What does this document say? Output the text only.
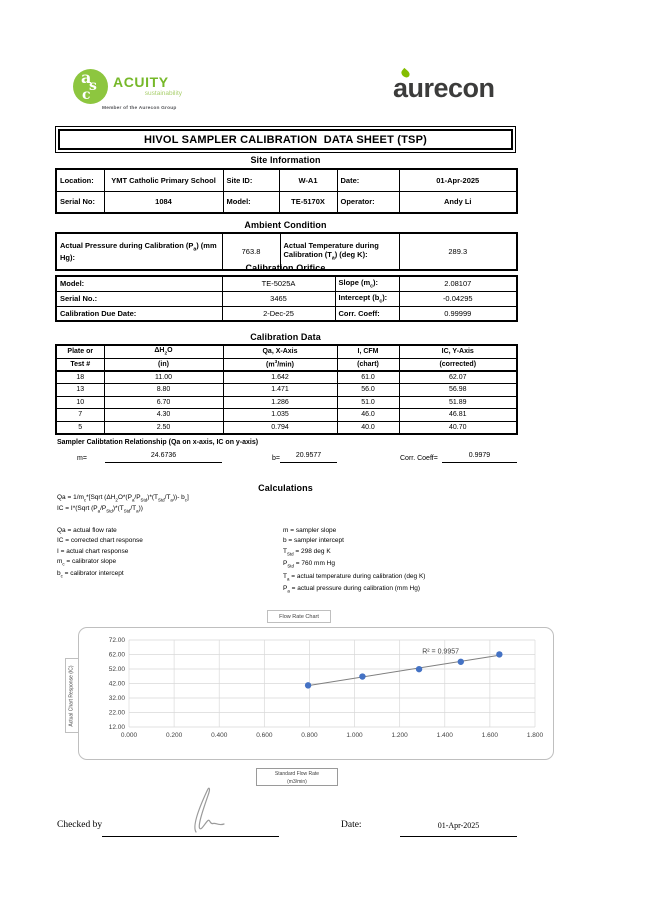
a
s
c
ACUITY
sustainability
Member of the Aurecon Group
aurecon
HIVOL SAMPLER CALIBRATION  DATA SHEET (TSP)
Site Information
Location:	YMT Catholic Primary School	Site ID:	W-A1	Date:	01-Apr-2025
Serial No:	1084	Model:	TE-5170X	Operator:	Andy Li
Ambient Condition
Actual Pressure during Calibration $(P_a)$ (mm Hg):	763.8	Actual Temperature during Calibration $(T_a)$ (deg K):	289.3
Calibration Orifice
Model:	TE-5025A	Slope $(m_c)$:	2.08107
Serial No.:	3465	Intercept $(b_c)$:	-0.04295
Calibration Due Date:	2-Dec-25	Corr. Coeff:	0.99999
Calibration Data
Plate or	$\Delta H_2O$	Qa, X-Axis	I, CFM	IC, Y-Axis
Test #	(in)	$(m^3/\min)$	(chart)	(corrected)
18	11.00	1.642	61.0	62.07
13	8.80	1.471	56.0	56.98
10	6.70	1.286	51.0	51.89
7	4.30	1.035	46.0	46.81
5	2.50	0.794	40.0	40.70
Sampler Calibtation Relationship (Qa on x-axis, IC on y-axis)
m=	24.6736	b=	20.9577	Corr. Coeff=	0.9979
Calculations
$Qa = 1/m_c*[Sqrt$ $(\Delta H_2O*(P_a/P_{Std})*(T_{Std}/T_a))-$ $b_c$]
IC = I*(Sqrt $(P_a/P_{Std})*(T_{Std}/T_a)$)
Qa = actual flow rate
IC = corrected chart response
I = actual chart response
$m_c$ = calibrator slope
$b_c$ = calibrator intercept
m = sampler slope
b = sampler intercept
$T_{Std} = 298$ deg K
$P_{Std} = 760$ mm Hg
$T_a$ = actual temperature during calibration (deg K)
$P_a$ = actual pressure during calibration (mm Hg)
Flow Rate Chart
0.000	0.200	0.400	0.600	0.800	1.000	1.200	1.400	1.600	1.800
12.00
22.00
32.00
42.00
52.00
62.00
72.00
R² = 0.9957
Actual Chart Response (IC)
Standard Flow Rate
(m3/min)
Checked by	Date:	01-Apr-2025
